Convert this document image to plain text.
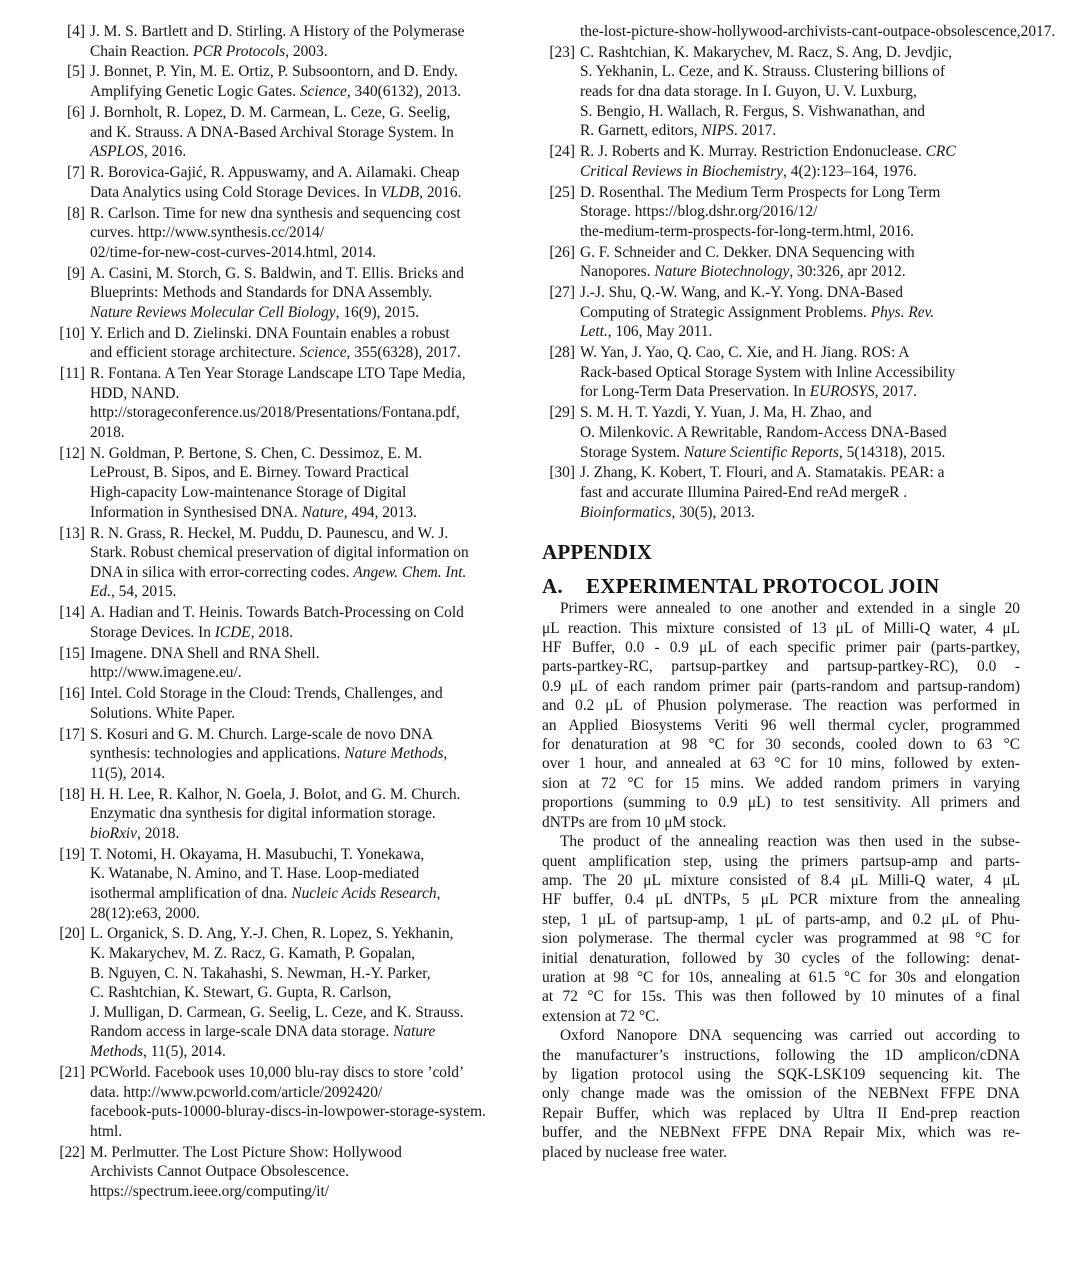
[4] J. M. S. Bartlett and D. Stirling. A History of the Polymerase
Chain Reaction. PCR Protocols, 2003.
[5] J. Bonnet, P. Yin, M. E. Ortiz, P. Subsoontorn, and D. Endy.
Amplifying Genetic Logic Gates. Science, 340(6132), 2013.
[6] J. Bornholt, R. Lopez, D. M. Carmean, L. Ceze, G. Seelig,
and K. Strauss. A DNA-Based Archival Storage System. In
ASPLOS, 2016.
[7] R. Borovica-Gajić, R. Appuswamy, and A. Ailamaki. Cheap
Data Analytics using Cold Storage Devices. In VLDB, 2016.
[8] R. Carlson. Time for new dna synthesis and sequencing cost
curves. http://www.synthesis.cc/2014/
02/time-for-new-cost-curves-2014.html, 2014.
[9] A. Casini, M. Storch, G. S. Baldwin, and T. Ellis. Bricks and
Blueprints: Methods and Standards for DNA Assembly.
Nature Reviews Molecular Cell Biology, 16(9), 2015.
[10] Y. Erlich and D. Zielinski. DNA Fountain enables a robust
and efficient storage architecture. Science, 355(6328), 2017.
[11] R. Fontana. A Ten Year Storage Landscape LTO Tape Media,
HDD, NAND.
http://storageconference.us/2018/Presentations/Fontana.pdf,
2018.
[12] N. Goldman, P. Bertone, S. Chen, C. Dessimoz, E. M.
LeProust, B. Sipos, and E. Birney. Toward Practical
High-capacity Low-maintenance Storage of Digital
Information in Synthesised DNA. Nature, 494, 2013.
[13] R. N. Grass, R. Heckel, M. Puddu, D. Paunescu, and W. J.
Stark. Robust chemical preservation of digital information on
DNA in silica with error-correcting codes. Angew. Chem. Int.
Ed., 54, 2015.
[14] A. Hadian and T. Heinis. Towards Batch-Processing on Cold
Storage Devices. In ICDE, 2018.
[15] Imagene. DNA Shell and RNA Shell.
http://www.imagene.eu/.
[16] Intel. Cold Storage in the Cloud: Trends, Challenges, and
Solutions. White Paper.
[17] S. Kosuri and G. M. Church. Large-scale de novo DNA
synthesis: technologies and applications. Nature Methods,
11(5), 2014.
[18] H. H. Lee, R. Kalhor, N. Goela, J. Bolot, and G. M. Church.
Enzymatic dna synthesis for digital information storage.
bioRxiv, 2018.
[19] T. Notomi, H. Okayama, H. Masubuchi, T. Yonekawa,
K. Watanabe, N. Amino, and T. Hase. Loop-mediated
isothermal amplification of dna. Nucleic Acids Research,
28(12):e63, 2000.
[20] L. Organick, S. D. Ang, Y.-J. Chen, R. Lopez, S. Yekhanin,
K. Makarychev, M. Z. Racz, G. Kamath, P. Gopalan,
B. Nguyen, C. N. Takahashi, S. Newman, H.-Y. Parker,
C. Rashtchian, K. Stewart, G. Gupta, R. Carlson,
J. Mulligan, D. Carmean, G. Seelig, L. Ceze, and K. Strauss.
Random access in large-scale DNA data storage. Nature
Methods, 11(5), 2014.
[21] PCWorld. Facebook uses 10,000 blu-ray discs to store ’cold’
data. http://www.pcworld.com/article/2092420/
facebook-puts-10000-bluray-discs-in-lowpower-storage-system.
html.
[22] M. Perlmutter. The Lost Picture Show: Hollywood
Archivists Cannot Outpace Obsolescence.
https://spectrum.ieee.org/computing/it/
the-lost-picture-show-hollywood-archivists-cant-outpace-obsolescence, 2017.
[23] C. Rashtchian, K. Makarychev, M. Racz, S. Ang, D. Jevdjic,
S. Yekhanin, L. Ceze, and K. Strauss. Clustering billions of
reads for dna data storage. In I. Guyon, U. V. Luxburg,
S. Bengio, H. Wallach, R. Fergus, S. Vishwanathan, and
R. Garnett, editors, NIPS. 2017.
[24] R. J. Roberts and K. Murray. Restriction Endonuclease. CRC
Critical Reviews in Biochemistry, 4(2):123–164, 1976.
[25] D. Rosenthal. The Medium Term Prospects for Long Term
Storage. https://blog.dshr.org/2016/12/
the-medium-term-prospects-for-long-term.html, 2016.
[26] G. F. Schneider and C. Dekker. DNA Sequencing with
Nanopores. Nature Biotechnology, 30:326, apr 2012.
[27] J.-J. Shu, Q.-W. Wang, and K.-Y. Yong. DNA-Based
Computing of Strategic Assignment Problems. Phys. Rev.
Lett., 106, May 2011.
[28] W. Yan, J. Yao, Q. Cao, C. Xie, and H. Jiang. ROS: A
Rack-based Optical Storage System with Inline Accessibility
for Long-Term Data Preservation. In EUROSYS, 2017.
[29] S. M. H. T. Yazdi, Y. Yuan, J. Ma, H. Zhao, and
O. Milenkovic. A Rewritable, Random-Access DNA-Based
Storage System. Nature Scientific Reports, 5(14318), 2015.
[30] J. Zhang, K. Kobert, T. Flouri, and A. Stamatakis. PEAR: a
fast and accurate Illumina Paired-End reAd mergeR .
Bioinformatics, 30(5), 2013.
APPENDIX
A.	EXPERIMENTAL PROTOCOL JOIN
Primers were annealed to one another and extended in a single 20
μL reaction. This mixture consisted of 13 μL of Milli-Q water, 4 μL
HF Buffer, 0.0 - 0.9 μL of each specific primer pair (parts-partkey,
parts-partkey-RC, partsup-partkey and partsup-partkey-RC), 0.0 -
0.9 μL of each random primer pair (parts-random and partsup-random)
and 0.2 μL of Phusion polymerase. The reaction was performed in
an Applied Biosystems Veriti 96 well thermal cycler, programmed
for denaturation at 98 °C for 30 seconds, cooled down to 63 °C
over 1 hour, and annealed at 63 °C for 10 mins, followed by exten-
sion at 72 °C for 15 mins. We added random primers in varying
proportions (summing to 0.9 μL) to test sensitivity. All primers and
dNTPs are from 10 μM stock.
The product of the annealing reaction was then used in the subse-
quent amplification step, using the primers partsup-amp and parts-
amp. The 20 μL mixture consisted of 8.4 μL Milli-Q water, 4 μL
HF buffer, 0.4 μL dNTPs, 5 μL PCR mixture from the annealing
step, 1 μL of partsup-amp, 1 μL of parts-amp, and 0.2 μL of Phu-
sion polymerase. The thermal cycler was programmed at 98 °C for
initial denaturation, followed by 30 cycles of the following: denat-
uration at 98 °C for 10s, annealing at 61.5 °C for 30s and elongation
at 72 °C for 15s. This was then followed by 10 minutes of a final
extension at 72 °C.
Oxford Nanopore DNA sequencing was carried out according to
the manufacturer’s instructions, following the 1D amplicon/cDNA
by ligation protocol using the SQK-LSK109 sequencing kit. The
only change made was the omission of the NEBNext FFPE DNA
Repair Buffer, which was replaced by Ultra II End-prep reaction
buffer, and the NEBNext FFPE DNA Repair Mix, which was re-
placed by nuclease free water.
